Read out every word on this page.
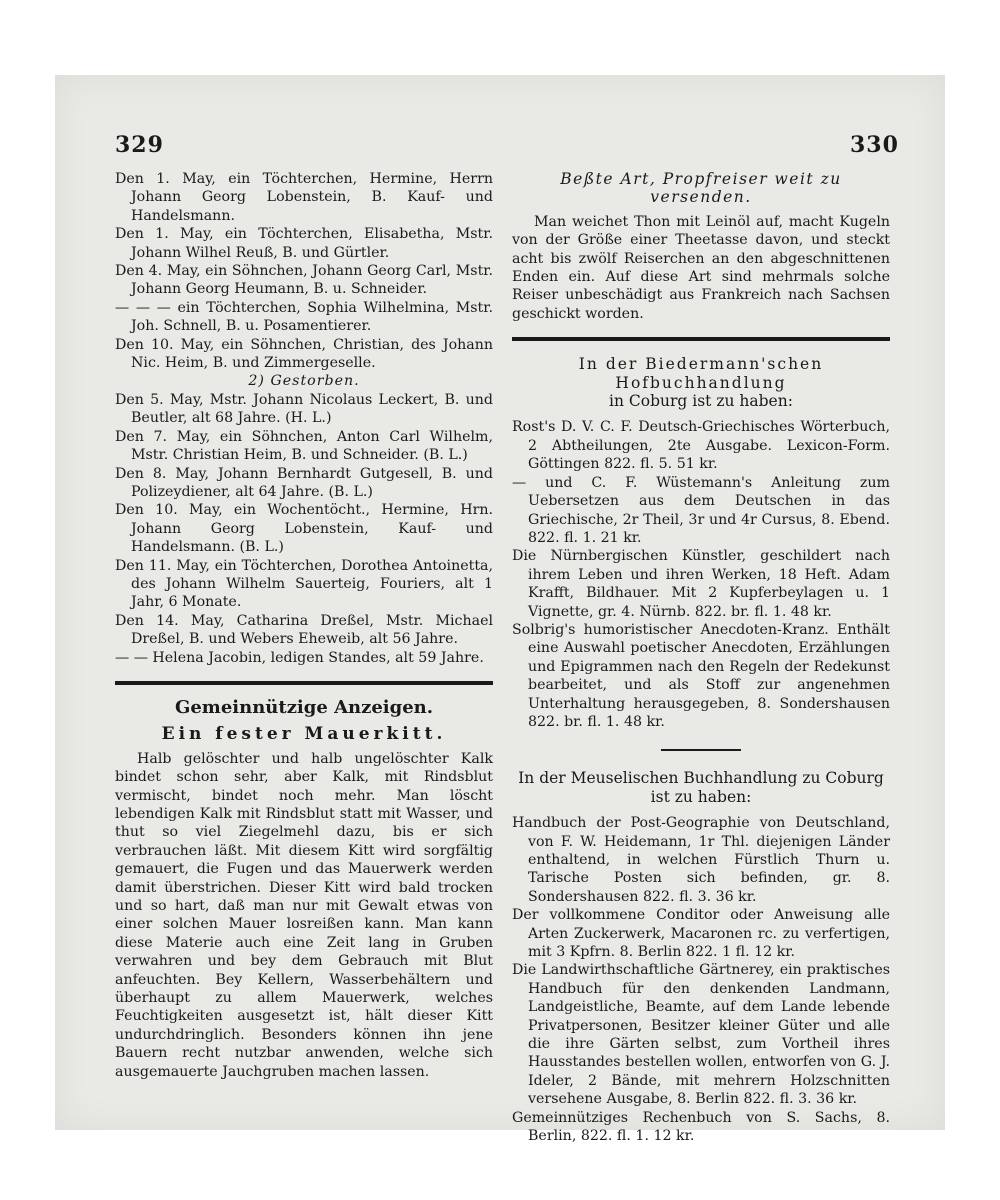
329	330

Den 1. May, ein Töchterchen, Hermine, Herrn Johann Georg Lobenstein, B. Kauf- und Handelsmann.

Den 1. May, ein Töchterchen, Elisabetha, Mstr. Johann Wilhel Reuß, B. und Gürtler.

Den 4. May, ein Söhnchen, Johann Georg Carl, Mstr. Johann Georg Heumann, B. u. Schneider.

— — — ein Töchterchen, Sophia Wilhelmina, Mstr. Joh. Schnell, B. u. Posamentierer.

Den 10. May, ein Söhnchen, Christian, des Johann Nic. Heim, B. und Zimmergeselle.

2) Gestorben.

Den 5. May, Mstr. Johann Nicolaus Leckert, B. und Beutler, alt 68 Jahre. (H. L.)

Den 7. May, ein Söhnchen, Anton Carl Wilhelm, Mstr. Christian Heim, B. und Schneider. (B. L.)

Den 8. May, Johann Bernhardt Gutgesell, B. und Polizeydiener, alt 64 Jahre. (B. L.)

Den 10. May, ein Wochentöcht., Hermine, Hrn. Johann Georg Lobenstein, Kauf- und Handelsmann. (B. L.)

Den 11. May, ein Töchterchen, Dorothea Antoinetta, des Johann Wilhelm Sauerteig, Fouriers, alt 1 Jahr, 6 Monate.

Den 14. May, Catharina Dreßel, Mstr. Michael Dreßel, B. und Webers Eheweib, alt 56 Jahre.

— — Helena Jacobin, ledigen Standes, alt 59 Jahre.

Gemeinnützige Anzeigen.
Ein fester Mauerkitt.

Halb gelöschter und halb ungelöschter Kalk bindet schon sehr, aber Kalk, mit Rindsblut vermischt, bindet noch mehr. Man löscht lebendigen Kalk mit Rindsblut statt mit Wasser, und thut so viel Ziegelmehl dazu, bis er sich verbrauchen läßt. Mit diesem Kitt wird sorgfältig gemauert, die Fugen und das Mauerwerk werden damit überstrichen. Dieser Kitt wird bald trocken und so hart, daß man nur mit Gewalt etwas von einer solchen Mauer losreißen kann. Man kann diese Materie auch eine Zeit lang in Gruben verwahren und bey dem Gebrauch mit Blut anfeuchten. Bey Kellern, Wasserbehältern und überhaupt zu allem Mauerwerk, welches Feuchtigkeiten ausgesetzt ist, hält dieser Kitt undurchdringlich. Besonders können ihn jene Bauern recht nutzbar anwenden, welche sich ausgemauerte Jauchgruben machen lassen.

Beßte Art, Propfreiser weit zu versenden.

Man weichet Thon mit Leinöl auf, macht Kugeln von der Größe einer Theetasse davon, und steckt acht bis zwölf Reiserchen an den abgeschnittenen Enden ein. Auf diese Art sind mehrmals solche Reiser unbeschädigt aus Frankreich nach Sachsen geschickt worden.

In der Biedermann'schen Hofbuchhandlung

in Coburg ist zu haben:

Rost's D. V. C. F. Deutsch-Griechisches Wörterbuch, 2 Abtheilungen, 2te Ausgabe. Lexicon-Form. Göttingen 822. fl. 5. 51 kr.

— und C. F. Wüstemann's Anleitung zum Uebersetzen aus dem Deutschen in das Griechische, 2r Theil, 3r und 4r Cursus, 8. Ebend. 822. fl. 1. 21 kr.

Die Nürnbergischen Künstler, geschildert nach ihrem Leben und ihren Werken, 18 Heft. Adam Krafft, Bildhauer. Mit 2 Kupferbeylagen u. 1 Vignette, gr. 4. Nürnb. 822. br. fl. 1. 48 kr.

Solbrig's humoristischer Anecdoten-Kranz. Enthält eine Auswahl poetischer Anecdoten, Erzählungen und Epigrammen nach den Regeln der Redekunst bearbeitet, und als Stoff zur angenehmen Unterhaltung herausgegeben, 8. Sondershausen 822. br. fl. 1. 48 kr.

In der Meuselischen Buchhandlung zu Coburg

ist zu haben:

Handbuch der Post-Geographie von Deutschland, von F. W. Heidemann, 1r Thl. diejenigen Länder enthaltend, in welchen Fürstlich Thurn u. Tarische Posten sich befinden, gr. 8. Sondershausen 822. fl. 3. 36 kr.

Der vollkommene Conditor oder Anweisung alle Arten Zuckerwerk, Macaronen rc. zu verfertigen, mit 3 Kpfrn. 8. Berlin 822. 1 fl. 12 kr.

Die Landwirthschaftliche Gärtnerey, ein praktisches Handbuch für den denkenden Landmann, Landgeistliche, Beamte, auf dem Lande lebende Privatpersonen, Besitzer kleiner Güter und alle die ihre Gärten selbst, zum Vortheil ihres Hausstandes bestellen wollen, entworfen von G. J. Ideler, 2 Bände, mit mehrern Holzschnitten versehene Ausgabe, 8. Berlin 822. fl. 3. 36 kr.

Gemeinnütziges Rechenbuch von S. Sachs, 8. Berlin, 822. fl. 1. 12 kr.
